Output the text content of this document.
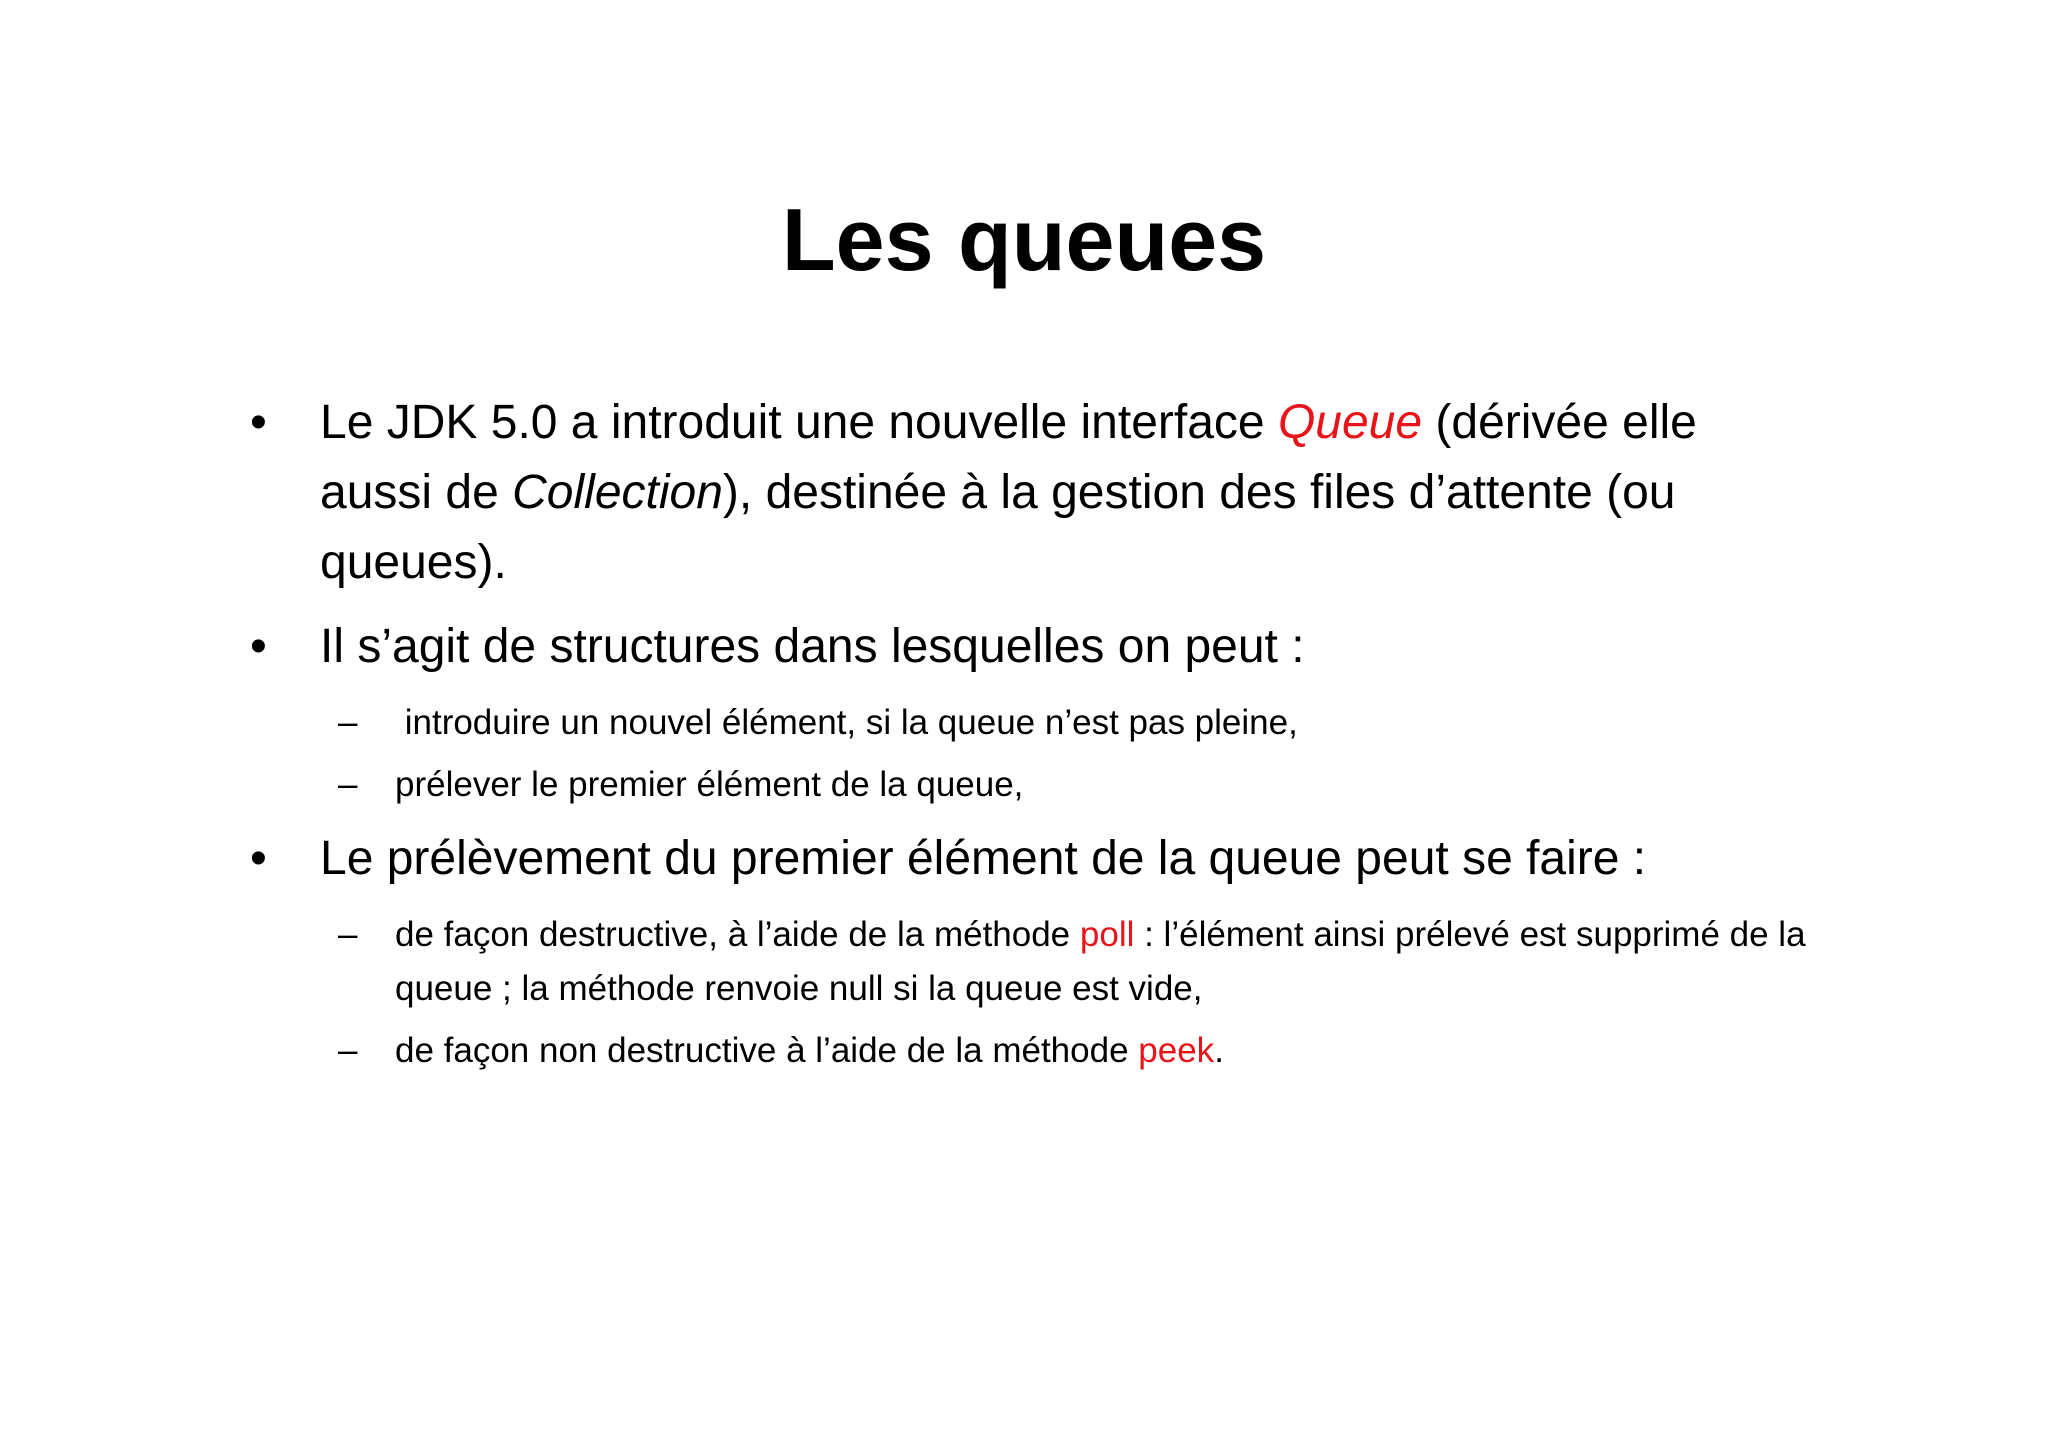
Les queues
• Le JDK 5.0 a introduit une nouvelle interface Queue (dérivée elle aussi de Collection), destinée à la gestion des files d’attente (ou queues).
• Il s’agit de structures dans lesquelles on peut :
– introduire un nouvel élément, si la queue n’est pas pleine,
– prélever le premier élément de la queue,
• Le prélèvement du premier élément de la queue peut se faire :
– de façon destructive, à l’aide de la méthode poll : l’élément ainsi prélevé est supprimé de la queue ; la méthode renvoie null si la queue est vide,
– de façon non destructive à l’aide de la méthode peek.
